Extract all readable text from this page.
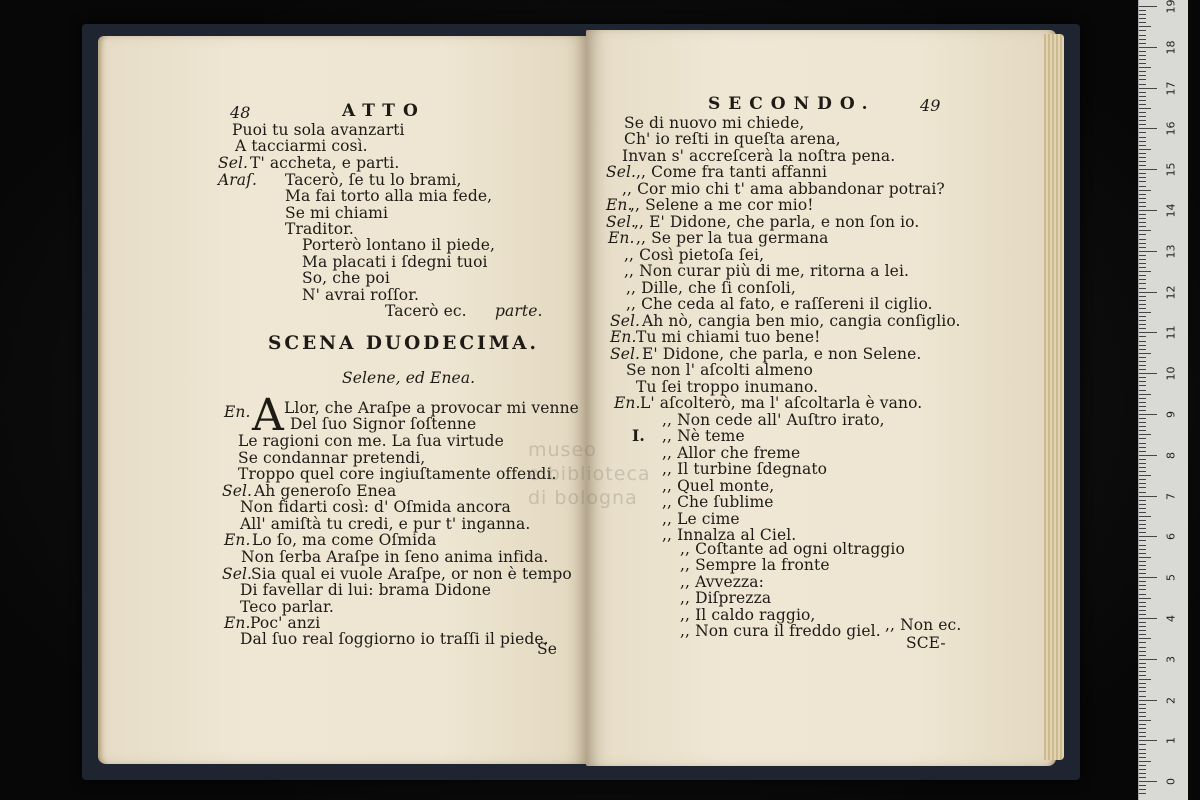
48	ATTO
Puoi tu sola avanzarti
A tacciarmi così.
Sel. T' accheta, e parti.
Araſ. Tacerò, ſe tu lo brami,
Ma fai torto alla mia fede,
Se mi chiami
Traditor.
Porterò lontano il piede,
Ma placati i ſdegni tuoi
So, che poi
N' avrai roſſor.
Tacerò ec. parte.
SCENA DUODECIMA.
Selene, ed Enea.
En. A Llor, che Araſpe a provocar mi venne
Del ſuo Signor ſoſtenne
Le ragioni con me. La ſua virtude
Se condannar pretendi,
Troppo quel core ingiuſtamente offendi.
Sel. Ah generoſo Enea
Non fidarti così: d' Oſmida ancora
All' amiſtà tu credi, e pur t' inganna.
En. Lo ſo, ma come Oſmida
Non ſerba Araſpe in ſeno anima infida.
Sel.
Sia qual ei vuole Araſpe, or non è tempo
Di favellar di lui: brama Didone
Teco parlar.
En. Poc' anzi
Dal ſuo real ſoggiorno io traſſi il piede.
Se
museo
e biblioteca
di bologna
SECONDO.	49
Se di nuovo mi chiede,
Ch' io reſti in queſta arena,
Invan s' accreſcerà la noſtra pena.
Sel. ,, Come fra tanti affanni
,, Cor mio chi t' ama abbandonar potrai?
En.
,, Selene a me cor mio!
Sel.
,, E' Didone, che parla, e non ſon io.
En. ,, Se per la tua germana
,, Così pietoſa ſei,
,, Non curar più di me, ritorna a lei.
,, Dille, che ſi conſoli,
,, Che ceda al fato, e raſſereni il ciglio.
Sel. Ah nò, cangia ben mio, cangia conſiglio.
En. Tu mi chiami tuo bene!
Sel. E' Didone, che parla, e non Selene.
Se non l' aſcolti almeno
Tu ſei troppo inumano.
En. L' aſcolterò, ma l' aſcoltarla è vano.
I.
,, Non cede all' Auſtro irato,
,, Nè teme
,, Allor che freme
,, Il turbine ſdegnato
,, Quel monte,
,, Che ſublime
,, Le cime
,, Innalza al Ciel.
,, Coſtante ad ogni oltraggio
,, Sempre la fronte
,, Avvezza:
,, Diſprezza
,, Il caldo raggio,
,, Non cura il freddo giel. ,, Non ec.
SCE-
19
18
17
16
15
14
13
12
11
10
9
8
7
6
5
4
3
2
1
0
